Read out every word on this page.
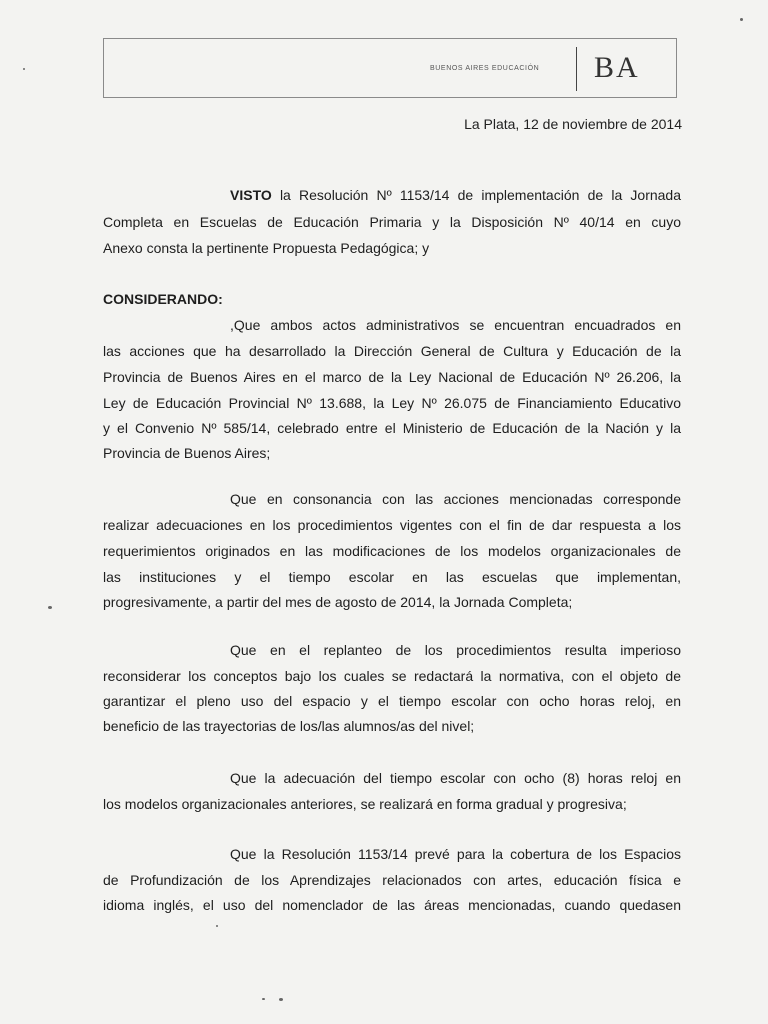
BUENOS AIRES EDUCACIÓN BA
La Plata, 12 de noviembre de 2014
VISTO la Resolución Nº 1153/14 de implementación de la Jornada
Completa en Escuelas de Educación Primaria y la Disposición Nº 40/14 en cuyo
Anexo consta la pertinente Propuesta Pedagógica; y
CONSIDERANDO:
,Que ambos actos administrativos se encuentran encuadrados en
las acciones que ha desarrollado la Dirección General de Cultura y Educación de la
Provincia de Buenos Aires en el marco de la Ley Nacional de Educación Nº 26.206, la
Ley de Educación Provincial Nº 13.688, la Ley Nº 26.075 de Financiamiento Educativo
y el Convenio Nº 585/14, celebrado entre el Ministerio de Educación de la Nación y la
Provincia de Buenos Aires;
Que en consonancia con las acciones mencionadas corresponde
realizar adecuaciones en los procedimientos vigentes con el fin de dar respuesta a los
requerimientos originados en las modificaciones de los modelos organizacionales de
las instituciones y el tiempo escolar en las escuelas que implementan,
progresivamente, a partir del mes de agosto de 2014, la Jornada Completa;
Que en el replanteo de los procedimientos resulta imperioso
reconsiderar los conceptos bajo los cuales se redactará la normativa, con el objeto de
garantizar el pleno uso del espacio y el tiempo escolar con ocho horas reloj, en
beneficio de las trayectorias de los/las alumnos/as del nivel;
Que la adecuación del tiempo escolar con ocho (8) horas reloj en
los modelos organizacionales anteriores, se realizará en forma gradual y progresiva;
Que la Resolución 1153/14 prevé para la cobertura de los Espacios
de Profundización de los Aprendizajes relacionados con artes, educación física e
idioma inglés, el uso del nomenclador de las áreas mencionadas, cuando quedasen
